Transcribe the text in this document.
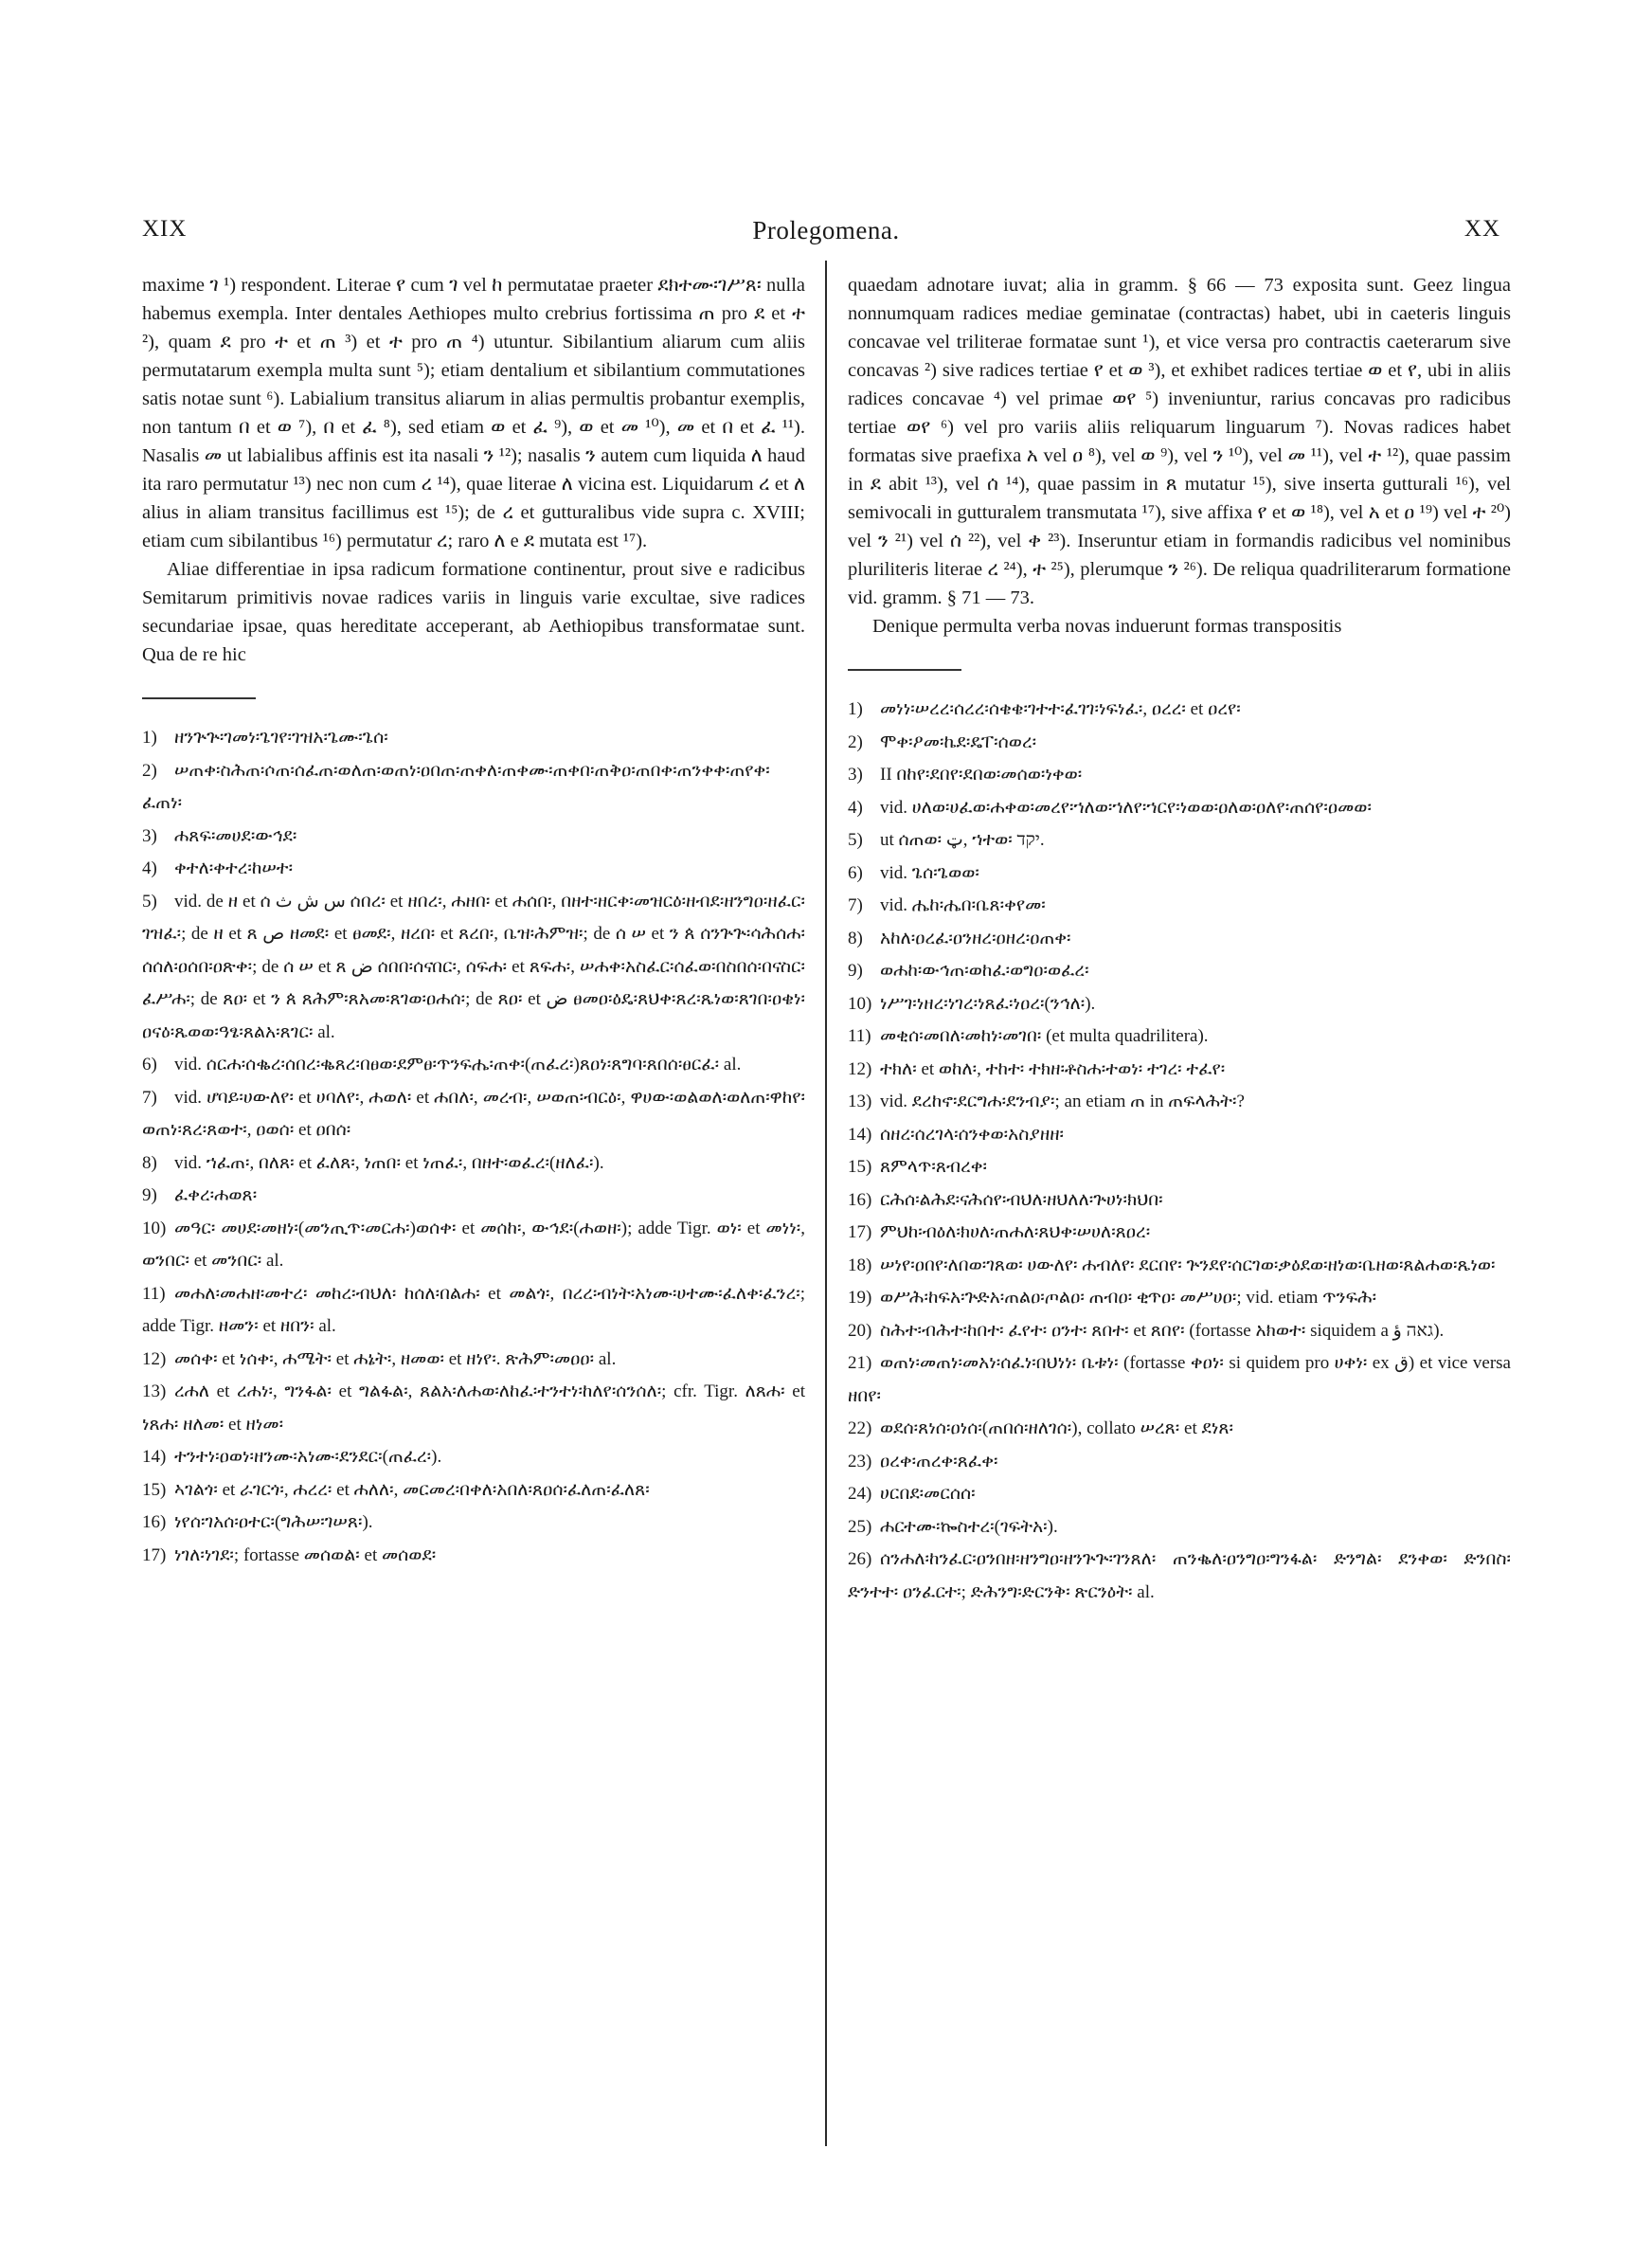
XIX	Prolegomena.	XX

maxime ገ ¹) respondent. Literae የ cum ገ vel ከ permutatae praeter ደክተሙ፡ገሥጸ፡ nulla habemus exempla. Inter dentales Aethiopes multo crebrius fortissima ጠ pro ደ et ተ ²), quam ደ pro ተ et ጠ ³) et ተ pro ጠ ⁴) utuntur. Sibilantium aliarum cum aliis permutatarum exempla multa sunt ⁵); etiam dentalium et sibilantium commutationes satis notae sunt ⁶). Labialium transitus aliarum in alias permultis probantur exemplis, non tantum በ et ወ ⁷), በ et ፈ ⁸), sed etiam ወ et ፈ ⁹), ወ et መ ¹⁰), መ et በ et ፈ ¹¹). Nasalis መ ut labialibus affinis est ita nasali ን ¹²); nasalis ን autem cum liquida ለ haud ita raro permutatur ¹³) nec non cum ረ ¹⁴), quae literae ለ vicina est. Liquidarum ረ et ለ alius in aliam transitus facillimus est ¹⁵); de ረ et gutturalibus vide supra c. XVIII; etiam cum sibilantibus ¹⁶) permutatur ረ; raro ለ e ደ mutata est ¹⁷).

Aliae differentiae in ipsa radicum formatione continentur, prout sive e radicibus Semitarum primitivis novae radices variis in linguis varie excultae, sive radices secundariae ipsae, quas hereditate acceperant, ab Aethiopibus transformatae sunt. Qua de re hic

1) ዘንጕጕ፡ገመነ፡ጌገየ፡ገዝአ፡ጌሙ፡ጌሰ፡
2) ሠጠቀ፡ስሕጠ፡ሶጠ፡ሰፈጠ፡ወለጠ፡ወጠነ፡ዐበጠ፡ጠቀለ፡ጠቀሙ፡ጠቀበ፡ጠቅዐ፡ጠበቀ፡ጠንቀቀ፡ጠየቀ፡ፈጠነ፡
3) ሐጸፍ፡መሀደ፡ውኅደ፡
4) ቀተለ፡ቀተረ፡ከሠተ፡
5) vid. de ዘ et ሰ س ش ث ሰበረ፡ et ዘበረ፡, ሐዘበ፡ et ሐሰበ፡, በዘተ፡ዘርቀ፡መዝርዕ፡ዘብደ፡ዘንግዐ፡ዘፈር፡ገዝፈ፡; de ዘ et ጸ ص ዘመደ፡ et ፀመደ፡, ዘረበ፡ et ጸረበ፡, ቤዝ፡ሕምዝ፡; de ሰ ሠ et ን ጰ ሰንጕጕ፡ሳሕሰሐ፡ሰሰለ፡ዐሰበ፡ዐጽቀ፡; de ሰ ሠ et ጸ ض ሰበበ፡ሰናበር፡, ሰፍሐ፡ et ጸፍሐ፡, ሠሐቀ፡አስፈር፡ሰፈወ፡በስበሰ፡በናስር፡ፈሥሐ፡; de ጸዐ፡ et ን ጰ ጸሕም፡ጸአመ፡ጸገወ፡ዐሐሰ፡; de ጸዐ፡ et ض ፀመዐ፡ዕዴ፡ጸህቀ፡ጸረ፡ጼነወ፡ጸገበ፡ዐቄነ፡ዐናዕ፡ጼወወ፡ዓፄ፡ጸልአ፡ጸገር፡ al.
6) vid. ሰርሐ፡ሰቈረ፡ሰበረ፡ቈጸረ፡በፀወ፡ደምፀ፡ጥንፍሔ፡ጠቀ፡(ጠፈረ፡)ጸዐነ፡ጸግባ፡ጸበሰ፡ፀርፈ፡ al.
7) vid. ሆባይ፡ሀውለየ፡ et ሀባለየ፡, ሐወለ፡ et ሐበለ፡, መረብ፡, ሠወጠ፡ብርዕ፡, ዋሀው፡ወልወለ፡ወለጠ፡ዋከየ፡ወጠነ፡ጸረ፡ጸወተ፡, ዐወሰ፡ et ዐበሰ፡
8) vid. ኀፈጠ፡, በለጸ፡ et ፈለጸ፡, ነጠበ፡ et ነጠፈ፡, በዘተ፡ወፈረ፡(ዘለፈ፡).
9) ፈቀረ፡ሐወጸ፡
10) መዓር፡ መሀደ፡መዘነ፡(መንጢጥ፡መርሐ፡)ወሰቀ፡ et መሰከ፡, ውኅደ፡(ሐወዘ፡); adde Tigr. ወነ፡ et መነነ፡, ወንበር፡ et መንበር፡ al.
11) መሐለ፡መሐዘ፡መተረ፡ መከረ፡ብህለ፡ ከሰለ፡በልሐ፡ et መልጎ፡, በረረ፡ብነት፡አነሙ፡ሀተሙ፡ፈለቀ፡ፈንረ፡; adde Tigr. ዘመን፡ et ዘበን፡ al.
12) መሰቀ፡ et ነሰቀ፡, ሐሜት፡ et ሐኔት፡, ዘመወ፡ et ዘነየ፡. ጽሕም፡መዐዐ፡ al.
13) ረሐለ et ረሐነ፡, ግንፋል፡ et ግልፋል፡, ጸልአ፡ለሐወ፡ለከፈ፡ተንተነ፡ከለየ፡ሰንሰለ፡; cfr. Tigr. ለጸሐ፡ et ነጸሐ፡ ዘለመ፡ et ዘነመ፡
14) ተንተነ፡ዐወነ፡ዘንሙ፡አነሙ፡ደንደር፡(ጠፈረ፡).
15) ኣገልጎ፡ et ራገርጎ፡, ሐረረ፡ et ሐለለ፡, መርመረ፡በቀለ፡አበለ፡ጸዐሰ፡ፈለጠ፡ፈለጸ፡
16) ነየሰ፡ገአሰ፡ዐተር፡(ግሕሠ፡ገሠጸ፡).
17) ነገለ፡ነገደ፡; fortasse መሰወል፡ et መሰወደ፡

quaedam adnotare iuvat; alia in gramm. § 66 — 73 exposita sunt. Geez lingua nonnumquam radices mediae geminatae (contractas) habet, ubi in caeteris linguis concavae vel triliterae formatae sunt ¹), et vice versa pro contractis caeterarum sive concavas ²) sive radices tertiae የ et ወ ³), et exhibet radices tertiae ወ et የ, ubi in aliis radices concavae ⁴) vel primae ወየ ⁵) inveniuntur, rarius concavas pro radicibus tertiae ወየ ⁶) vel pro variis aliis reliquarum linguarum ⁷). Novas radices habet formatas sive praefixa አ vel ዐ ⁸), vel ወ ⁹), vel ን ¹⁰), vel መ ¹¹), vel ተ ¹²), quae passim in ደ abit ¹³), vel ሰ ¹⁴), quae passim in ጸ mutatur ¹⁵), sive inserta gutturali ¹⁶), vel semivocali in gutturalem transmutata ¹⁷), sive affixa የ et ወ ¹⁸), vel አ et ዐ ¹⁹) vel ተ ²⁰) vel ን ²¹) vel ሰ ²²), vel ቀ ²³). Inseruntur etiam in formandis radicibus vel nominibus pluriliteris literae ረ ²⁴), ተ ²⁵), plerumque ን ²⁶). De reliqua quadriliterarum formatione vid. gramm. § 71 — 73.

Denique permulta verba novas induerunt formas transpositis

1) መነነ፡ሠረረ፡ሰረረ፡ሰቄቄ፡ገተተ፡ፈገገ፡ነፍነፈ፡, ዐረረ፡ et ዐረየ፡
2) ሞቀ፡ዖመ፡ኬደ፡ዴፐ፡ሰወረ፡
3) II በከየ፡ደበየ፡ደበወ፡መሰወ፡ነቀወ፡
4) vid. ሀለወ፡ሀፈወ፡ሐቀወ፡መረየ፡ኀለወ፡ኀለየ፡ኀርየ፡ነወወ፡ዐለወ፡ዐለየ፡ጠሰየ፡ዐመወ፡
5) ut ሰጠወ፡ ټ, ኀተወ፡ יקד.
6) vid. ጌሰ፡ጌወወ፡
7) vid. ሔከ፡ሔበ፡ቤጸ፡ቀየመ፡
8) አከለ፡ዐረፈ፡ዐንዘረ፡ዐዘረ፡ዐጠቀ፡
9) ወሐከ፡ውኅጠ፡ወከፈ፡ወግዐ፡ወፈረ፡
10) ነሥገ፡ነዘረ፡ነገረ፡ነጸፈ፡ነዐረ፡(ንኅለ፡).
11) መቂሰ፡መበለ፡መከነ፡መገበ፡ (et multa quadrilitera).
12) ተክለ፡ et ወከለ፡, ተከተ፡ ተክዘ፡ቶስሐ፡ተወነ፡ ተገረ፡ ተፈየ፡
13) vid. ደረከኖ፡ደርግሐ፡ደንብያ፡; an etiam ጠ in ጠፍላሕት፡?
14) ሰዘረ፡ሰረገላ፡ሰንቀወ፡አስያዘዘ፡
15) ጸምላጥ፡ጸብረቀ፡
16) ርሕሰ፡ልሕደ፡ናሕሰየ፡ብህለ፡ዘህለለ፡ጕሀነ፡ክህበ፡
17) ምህከ፡ብዕለ፡ክሀለ፡ጠሐለ፡ጸህቀ፡ሠሀለ፡ጸዐረ፡
18) ሠነየ፡ዐበየ፡ለበወ፡ገጸወ፡ ሀውለየ፡ ሐብለየ፡ ደርበየ፡ ጕንደየ፡ሰርገወ፡ቃዕደወ፡ዘነወ፡ቤዘወ፡ጸልሐወ፡ጼነወ፡
19) ወሥሕ፡ከፍአ፡ጕድአ፡ጠልዐ፡ጦልዐ፡ ጠብዐ፡ ቂጥዐ፡ መሥሀዐ፡; vid. etiam ጥንፍሕ፡
20) ስሕተ፡ብሕተ፡ከበተ፡ ፈየተ፡ ዐንተ፡ ጸበተ፡ et ጸበየ፡ (fortasse አክወተ፡ siquidem a גאה ؤ).
21) ወጠነ፡መጠነ፡መአነ፡ሰፈነ፡በህነነ፡ ቤቱነ፡ (fortasse ቀዐነ፡ si quidem pro ሀቀነ፡ ex ق) et vice versa ዘበየ፡
22) ወደሰ፡ጸነሰ፡ዐነሰ፡(ጠበሰ፡ዘለገሰ፡), collato ሠረጸ፡ et ደነጸ፡
23) ዐረቀ፡ጠረቀ፡ጸፈቀ፡
24) ሀርበደ፡መርሰሰ፡
25) ሐርተሙ፡ኰስተረ፡(ገፍትአ፡).
26) ሰንሐለ፡ከንፈር፡ዐንበዘ፡ዘንግዐ፡ዘንጕጕ፡ገንጸለ፡ ጠንቈለ፡ዐንግዐ፡ግንፋል፡ ድንግል፡ ደንቀወ፡ ድንበስ፡ ድንተተ፡ ዐንፈርተ፡; ድሕንግ፡ድርንቅ፡ ጽርንዕት፡ al.
